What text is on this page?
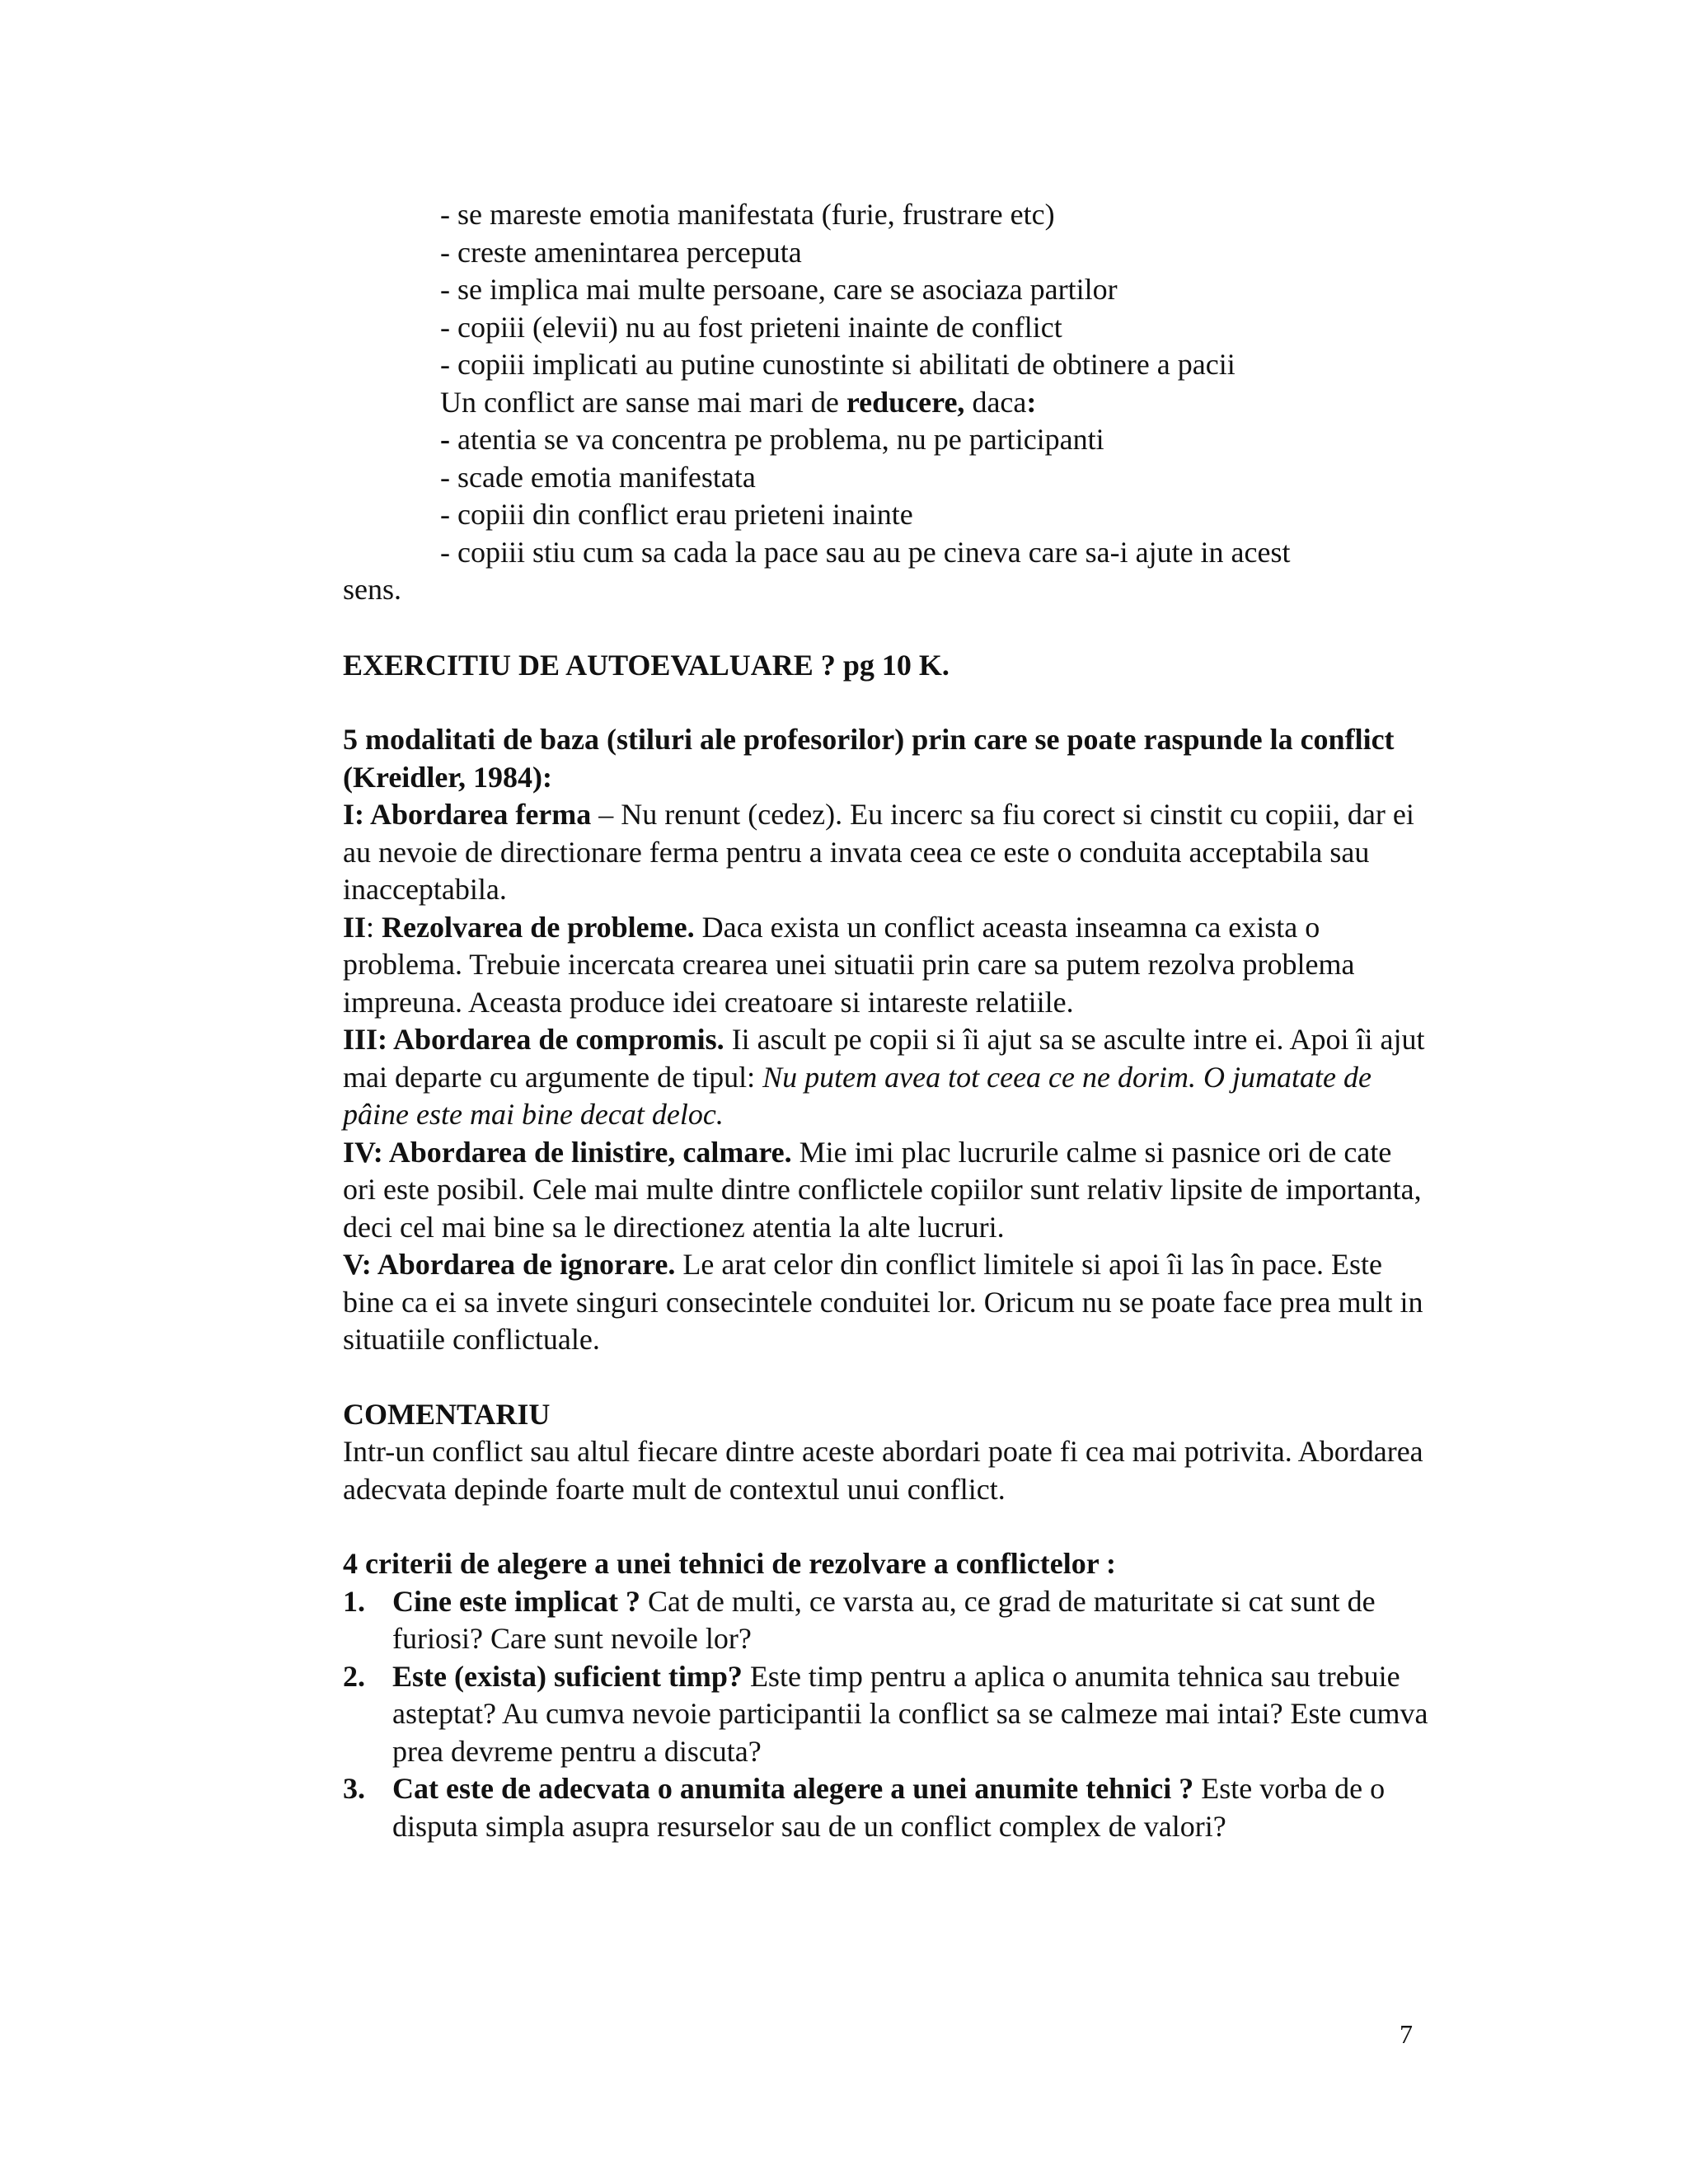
- se mareste emotia manifestata (furie, frustrare etc)
- creste amenintarea perceputa
- se implica mai multe persoane, care se asociaza partilor
- copiii (elevii) nu au fost prieteni inainte de conflict
- copiii implicati au putine cunostinte si abilitati de obtinere a pacii
Un conflict are sanse mai mari de reducere, daca:
- atentia se va concentra pe problema, nu pe participanti
- scade emotia manifestata
- copiii din conflict erau prieteni inainte
- copiii stiu cum sa cada la pace sau au pe cineva care sa-i ajute in acest
sens.

EXERCITIU DE AUTOEVALUARE ? pg 10 K.

5 modalitati de baza (stiluri ale profesorilor) prin care se poate raspunde la conflict (Kreidler, 1984):

I: Abordarea ferma – Nu renunt (cedez). Eu incerc sa fiu corect si cinstit cu copiii, dar ei au nevoie de directionare ferma pentru a invata ceea ce este o conduita acceptabila sau inacceptabila.

II: Rezolvarea de probleme. Daca exista un conflict aceasta inseamna ca exista o problema. Trebuie incercata crearea unei situatii prin care sa putem rezolva problema impreuna. Aceasta produce idei creatoare si intareste relatiile.

III: Abordarea de compromis. Ii ascult pe copii si îi ajut sa se asculte intre ei. Apoi îi ajut mai departe cu argumente de tipul: Nu putem avea tot ceea ce ne dorim. O jumatate de pâine este mai bine decat deloc.

IV: Abordarea de linistire, calmare. Mie imi plac lucrurile calme si pasnice ori de cate ori este posibil. Cele mai multe dintre conflictele copiilor sunt relativ lipsite de importanta, deci cel mai bine sa le directionez atentia la alte lucruri.

V: Abordarea de ignorare. Le arat celor din conflict limitele si apoi îi las în pace. Este bine ca ei sa invete singuri consecintele conduitei lor. Oricum nu se poate face prea mult in situatiile conflictuale.

COMENTARIU

Intr-un conflict sau altul fiecare dintre aceste abordari poate fi cea mai potrivita. Abordarea adecvata depinde foarte mult de contextul unui conflict.

4 criterii de alegere a unei tehnici de rezolvare a conflictelor :

1. Cine este implicat ? Cat de multi, ce varsta au, ce grad de maturitate si cat sunt de furiosi? Care sunt nevoile lor?
2. Este (exista) suficient timp? Este timp pentru a aplica o anumita tehnica sau trebuie asteptat? Au cumva nevoie participantii la conflict sa se calmeze mai intai? Este cumva prea devreme pentru a discuta?
3. Cat este de adecvata o anumita alegere a unei anumite tehnici ? Este vorba de o disputa simpla asupra resurselor sau de un conflict complex de valori?
7
